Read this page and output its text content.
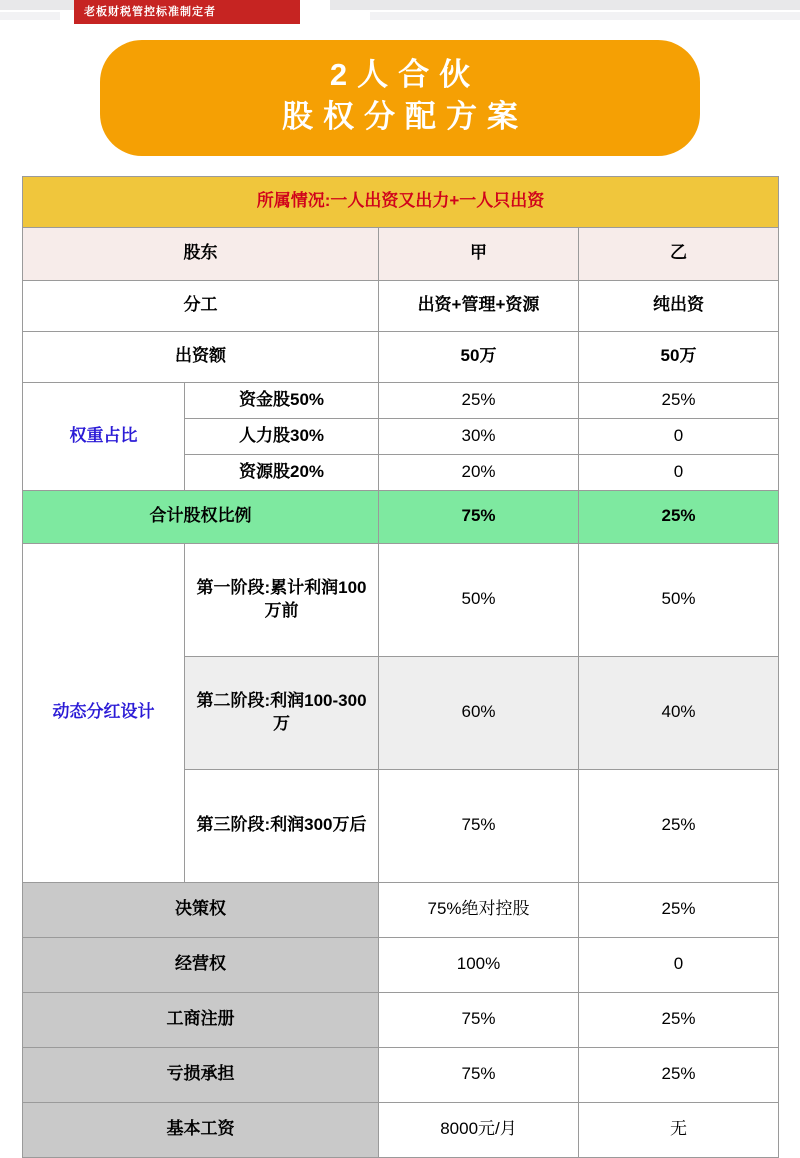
老板财税管控标准制定者
2人合伙
股权分配方案
所属情况:一人出资又出力+一人只出资			
股东		甲	乙
分工		出资+管理+资源	纯出资
出资额		50万	50万
权重占比	资金股50%	25%	25%
	人力股30%	30%	0
	资源股20%	20%	0
合计股权比例		75%	25%
动态分红设计	第一阶段:累计利润100万前	50%	50%
	第二阶段:利润100-300万	60%	40%
	第三阶段:利润300万后	75%	25%
决策权		75%绝对控股	25%
经营权		100%	0
工商注册		75%	25%
亏损承担		75%	25%
基本工资		8000元/月	无
